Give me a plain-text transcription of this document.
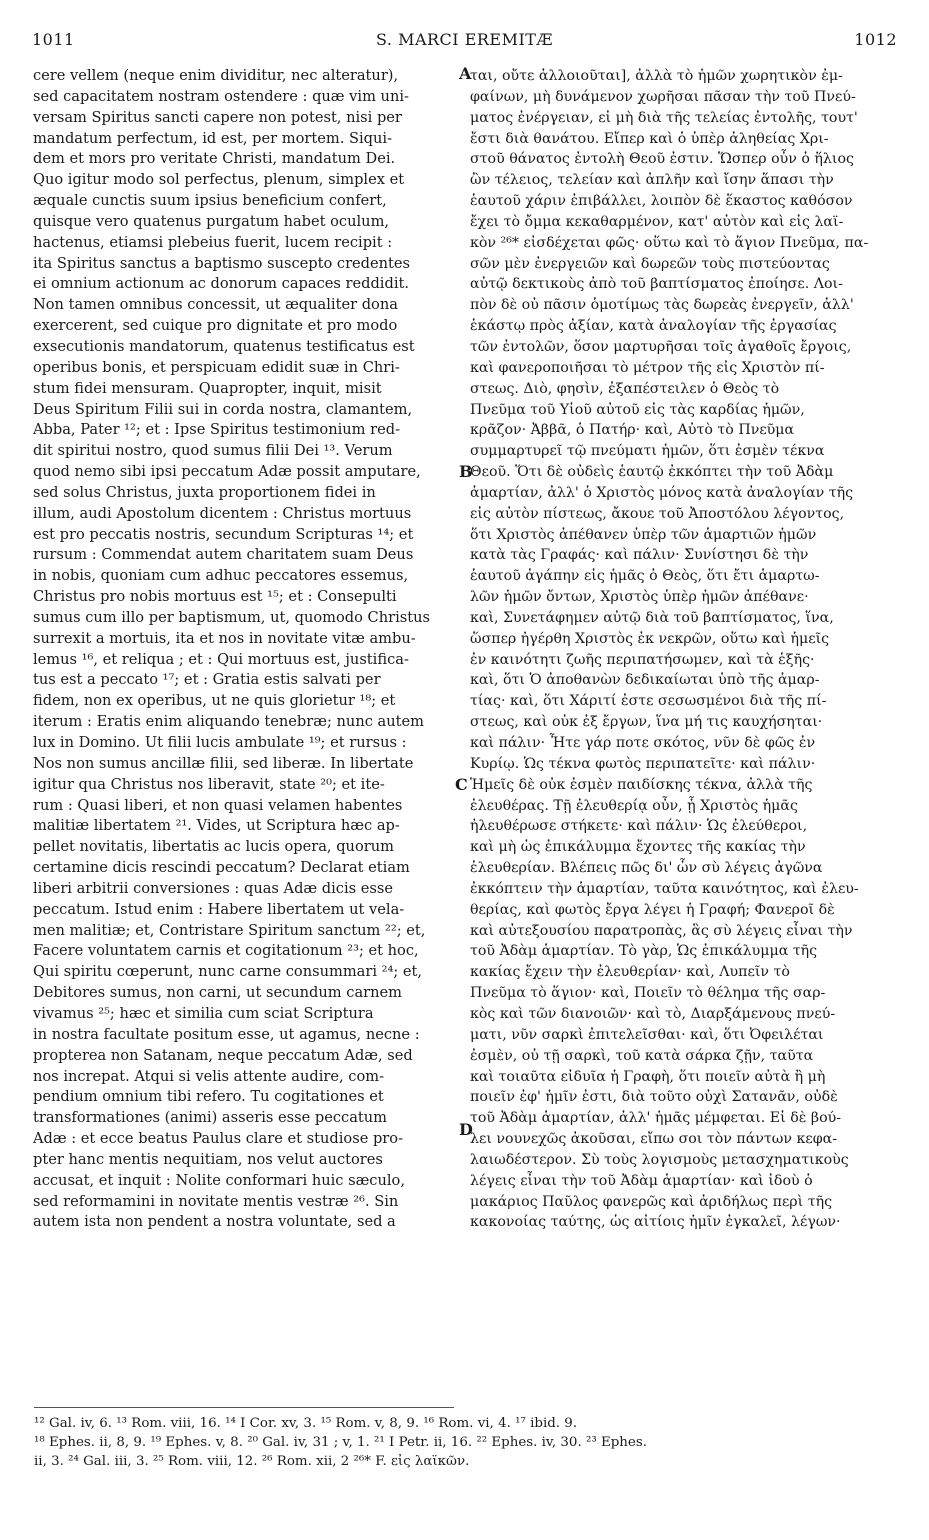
1011	S. MARCI EREMITÆ	1012
cere vellem (neque enim dividitur, nec alteratur),
sed capacitatem nostram ostendere : quæ vim uni-
versam Spiritus sancti capere non potest, nisi per
mandatum perfectum, id est, per mortem. Siqui-
dem et mors pro veritate Christi, mandatum Dei.
Quo igitur modo sol perfectus, plenum, simplex et
æquale cunctis suum ipsius beneficium confert,
quisque vero quatenus purgatum habet oculum,
hactenus, etiamsi plebeius fuerit, lucem recipit :
ita Spiritus sanctus a baptismo suscepto credentes
ei omnium actionum ac donorum capaces reddidit.
Non tamen omnibus concessit, ut æqualiter dona
exercerent, sed cuique pro dignitate et pro modo
exsecutionis mandatorum, quatenus testificatus est
operibus bonis, et perspicuam edidit suæ in Chri-
stum fidei mensuram. Quapropter, inquit, misit
Deus Spiritum Filii sui in corda nostra, clamantem,
Abba, Pater ¹²; et : Ipse Spiritus testimonium red-
dit spiritui nostro, quod sumus filii Dei ¹³. Verum
quod nemo sibi ipsi peccatum Adæ possit amputare,
sed solus Christus, juxta proportionem fidei in
illum, audi Apostolum dicentem : Christus mortuus
est pro peccatis nostris, secundum Scripturas ¹⁴; et
rursum : Commendat autem charitatem suam Deus
in nobis, quoniam cum adhuc peccatores essemus,
Christus pro nobis mortuus est ¹⁵; et : Consepulti
sumus cum illo per baptismum, ut, quomodo Christus
surrexit a mortuis, ita et nos in novitate vitæ ambu-
lemus ¹⁶, et reliqua ; et : Qui mortuus est, justifica-
tus est a peccato ¹⁷; et : Gratia estis salvati per
fidem, non ex operibus, ut ne quis glorietur ¹⁸; et
iterum : Eratis enim aliquando tenebræ; nunc autem
lux in Domino. Ut filii lucis ambulate ¹⁹; et rursus :
Nos non sumus ancillæ filii, sed liberæ. In libertate
igitur qua Christus nos liberavit, state ²⁰; et ite-
rum : Quasi liberi, et non quasi velamen habentes
malitiæ libertatem ²¹. Vides, ut Scriptura hæc ap-
pellet novitatis, libertatis ac lucis opera, quorum
certamine dicis rescindi peccatum? Declarat etiam
liberi arbitrii conversiones : quas Adæ dicis esse
peccatum. Istud enim : Habere libertatem ut vela-
men malitiæ; et, Contristare Spiritum sanctum ²²; et,
Facere voluntatem carnis et cogitationum ²³; et hoc,
Qui spiritu cœperunt, nunc carne consummari ²⁴; et,
Debitores sumus, non carni, ut secundum carnem
vivamus ²⁵; hæc et similia cum sciat Scriptura
in nostra facultate positum esse, ut agamus, necne :
propterea non Satanam, neque peccatum Adæ, sed
nos increpat. Atqui si velis attente audire, com-
pendium omnium tibi refero. Tu cogitationes et
transformationes (animi) asseris esse peccatum
Adæ : et ecce beatus Paulus clare et studiose pro-
pter hanc mentis nequitiam, nos velut auctores
accusat, et inquit : Nolite conformari huic sæculo,
sed reformamini in novitate mentis vestræ ²⁶. Sin
autem ista non pendent a nostra voluntate, sed a
ται, οὔτε ἀλλοιοῦται], ἀλλὰ τὸ ἡμῶν χωρητικὸν ἐμ-
φαίνων, μὴ δυνάμενον χωρῆσαι πᾶσαν τὴν τοῦ Πνεύ-
ματος ἐνέργειαν, εἰ μὴ διὰ τῆς τελείας ἐντολῆς, τουτ'
ἔστι διὰ θανάτου. Εἴπερ καὶ ὁ ὑπὲρ ἀληθείας Χρι-
στοῦ θάνατος ἐντολὴ Θεοῦ ἐστιν. Ὥσπερ οὖν ὁ ἥλιος
ὢν τέλειος, τελείαν καὶ ἁπλῆν καὶ ἴσην ἅπασι τὴν
ἑαυτοῦ χάριν ἐπιβάλλει, λοιπὸν δὲ ἕκαστος καθόσον
ἔχει τὸ ὄμμα κεκαθαρμένον, κατ' αὐτὸν καὶ εἰς λαϊ-
κὸν ²⁶* εἰσδέχεται φῶς· οὕτω καὶ τὸ ἅγιον Πνεῦμα, πα-
σῶν μὲν ἐνεργειῶν καὶ δωρεῶν τοὺς πιστεύοντας
αὐτῷ δεκτικοὺς ἀπὸ τοῦ βαπτίσματος ἐποίησε. Λοι-
πὸν δὲ οὐ πᾶσιν ὁμοτίμως τὰς δωρεὰς ἐνεργεῖν, ἀλλ'
ἑκάστῳ πρὸς ἀξίαν, κατὰ ἀναλογίαν τῆς ἐργασίας
τῶν ἐντολῶν, ὅσον μαρτυρῆσαι τοῖς ἀγαθοῖς ἔργοις,
καὶ φανεροποιῆσαι τὸ μέτρον τῆς εἰς Χριστὸν πί-
στεως. Διὸ, φησὶν, ἐξαπέστειλεν ὁ Θεὸς τὸ
Πνεῦμα τοῦ Υἱοῦ αὐτοῦ εἰς τὰς καρδίας ἡμῶν,
κρᾶζον· Ἀββᾶ, ὁ Πατήρ· καὶ, Αὐτὸ τὸ Πνεῦμα
συμμαρτυρεῖ τῷ πνεύματι ἡμῶν, ὅτι ἐσμὲν τέκνα
Θεοῦ. Ὅτι δὲ οὐδεὶς ἑαυτῷ ἐκκόπτει τὴν τοῦ Ἀδὰμ
ἁμαρτίαν, ἀλλ' ὁ Χριστὸς μόνος κατὰ ἀναλογίαν τῆς
εἰς αὐτὸν πίστεως, ἄκουε τοῦ Ἀποστόλου λέγοντος,
ὅτι Χριστὸς ἀπέθανεν ὑπὲρ τῶν ἁμαρτιῶν ἡμῶν
κατὰ τὰς Γραφάς· καὶ πάλιν· Συνίστησι δὲ τὴν
ἑαυτοῦ ἀγάπην εἰς ἡμᾶς ὁ Θεὸς, ὅτι ἔτι ἁμαρτω-
λῶν ἡμῶν ὄντων, Χριστὸς ὑπὲρ ἡμῶν ἀπέθανε·
καὶ, Συνετάφημεν αὐτῷ διὰ τοῦ βαπτίσματος, ἵνα,
ὥσπερ ἠγέρθη Χριστὸς ἐκ νεκρῶν, οὕτω καὶ ἡμεῖς
ἐν καινότητι ζωῆς περιπατήσωμεν, καὶ τὰ ἑξῆς·
καὶ, ὅτι Ὁ ἀποθανὼν δεδικαίωται ὑπὸ τῆς ἁμαρ-
τίας· καὶ, ὅτι Χάριτί ἐστε σεσωσμένοι διὰ τῆς πί-
στεως, καὶ οὐκ ἐξ ἔργων, ἵνα μή τις καυχήσηται·
καὶ πάλιν· Ἦτε γάρ ποτε σκότος, νῦν δὲ φῶς ἐν
Κυρίῳ. Ὡς τέκνα φωτὸς περιπατεῖτε· καὶ πάλιν·
Ἡμεῖς δὲ οὐκ ἐσμὲν παιδίσκης τέκνα, ἀλλὰ τῆς
ἐλευθέρας. Τῇ ἐλευθερίᾳ οὖν, ᾗ Χριστὸς ἡμᾶς
ἠλευθέρωσε στήκετε· καὶ πάλιν· Ὡς ἐλεύθεροι,
καὶ μὴ ὡς ἐπικάλυμμα ἔχοντες τῆς κακίας τὴν
ἐλευθερίαν. Βλέπεις πῶς δι' ὧν σὺ λέγεις ἀγῶνα
ἐκκόπτειν τὴν ἁμαρτίαν, ταῦτα καινότητος, καὶ ἐλευ-
θερίας, καὶ φωτὸς ἔργα λέγει ἡ Γραφή; Φανεροῖ δὲ
καὶ αὐτεξουσίου παρατροπὰς, ἃς σὺ λέγεις εἶναι τὴν
τοῦ Ἀδὰμ ἁμαρτίαν. Τὸ γὰρ, Ὡς ἐπικάλυμμα τῆς
κακίας ἔχειν τὴν ἐλευθερίαν· καὶ, Λυπεῖν τὸ
Πνεῦμα τὸ ἅγιον· καὶ, Ποιεῖν τὸ θέλημα τῆς σαρ-
κὸς καὶ τῶν διανοιῶν· καὶ τὸ, Διαρξάμενους πνεύ-
ματι, νῦν σαρκὶ ἐπιτελεῖσθαι· καὶ, ὅτι Ὀφειλέται
ἐσμὲν, οὐ τῇ σαρκὶ, τοῦ κατὰ σάρκα ζῇν, ταῦτα
καὶ τοιαῦτα εἰδυῖα ἡ Γραφὴ, ὅτι ποιεῖν αὐτὰ ἢ μὴ
ποιεῖν ἐφ' ἡμῖν ἐστι, διὰ τοῦτο οὐχὶ Σατανᾶν, οὐδὲ
τοῦ Ἀδὰμ ἁμαρτίαν, ἀλλ' ἡμᾶς μέμφεται. Εἰ δὲ βού-
λει νουνεχῶς ἀκοῦσαι, εἴπω σοι τὸν πάντων κεφα-
λαιωδέστερον. Σὺ τοὺς λογισμοὺς μετασχηματικοὺς
λέγεις εἶναι τὴν τοῦ Ἀδὰμ ἁμαρτίαν· καὶ ἰδοὺ ὁ
μακάριος Παῦλος φανερῶς καὶ ἀριδήλως περὶ τῆς
κακονοίας ταύτης, ὡς αἰτίοις ἡμῖν ἐγκαλεῖ, λέγων·
A
B
C
D
¹² Gal. iv, 6. ¹³ Rom. viii, 16. ¹⁴ I Cor. xv, 3. ¹⁵ Rom. v, 8, 9. ¹⁶ Rom. vi, 4. ¹⁷ ibid. 9.
¹⁸ Ephes. ii, 8, 9. ¹⁹ Ephes. v, 8. ²⁰ Gal. iv, 31 ; v, 1. ²¹ I Petr. ii, 16. ²² Ephes. iv, 30. ²³ Ephes.
ii, 3. ²⁴ Gal. iii, 3. ²⁵ Rom. viii, 12. ²⁶ Rom. xii, 2 ²⁶* F. εἰς λαϊκῶν.
